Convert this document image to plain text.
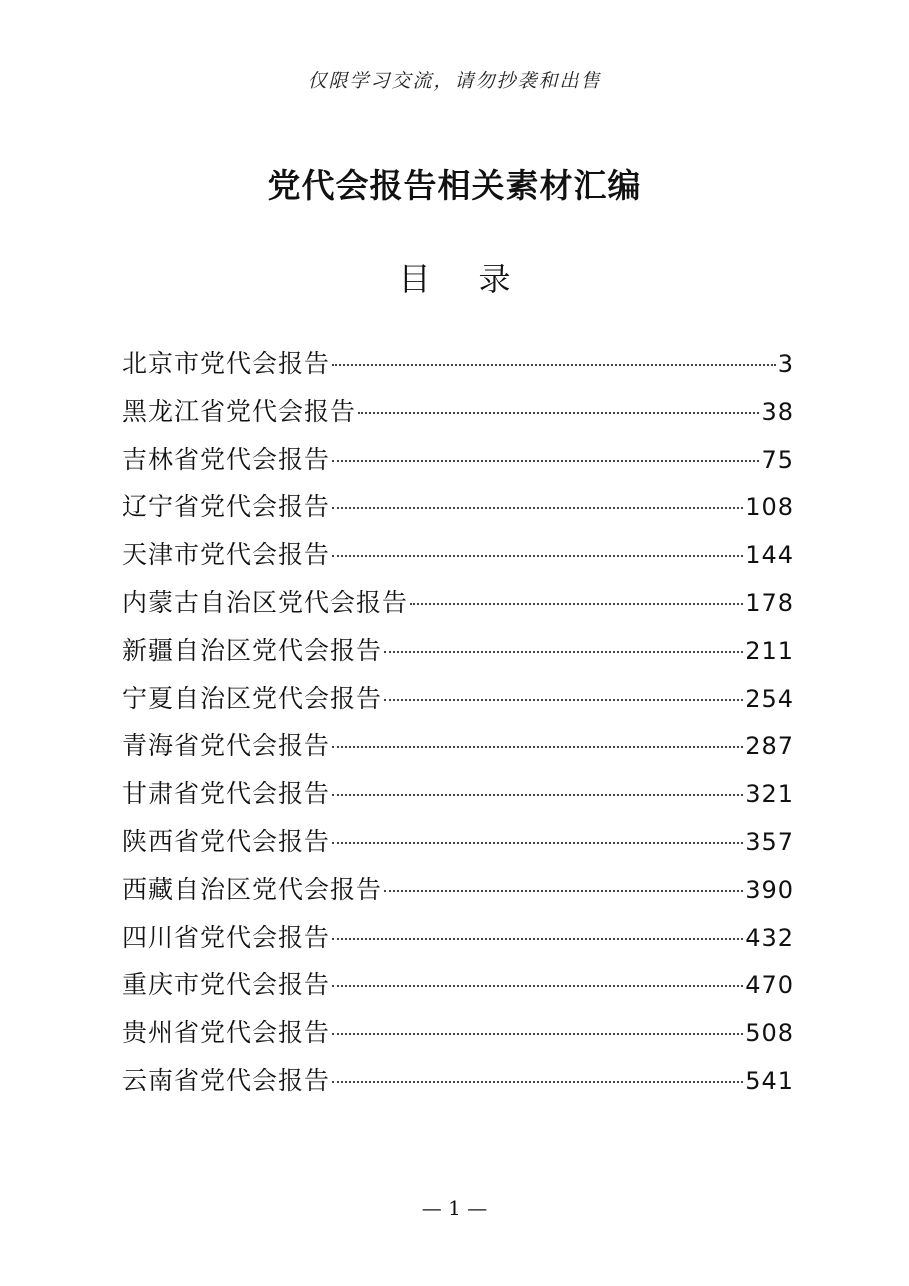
仅限学习交流，请勿抄袭和出售
党代会报告相关素材汇编
目 录
北京市党代会报告	3
黑龙江省党代会报告	38
吉林省党代会报告	75
辽宁省党代会报告	108
天津市党代会报告	144
内蒙古自治区党代会报告	178
新疆自治区党代会报告	211
宁夏自治区党代会报告	254
青海省党代会报告	287
甘肃省党代会报告	321
陕西省党代会报告	357
西藏自治区党代会报告	390
四川省党代会报告	432
重庆市党代会报告	470
贵州省党代会报告	508
云南省党代会报告	541
— 1 —
